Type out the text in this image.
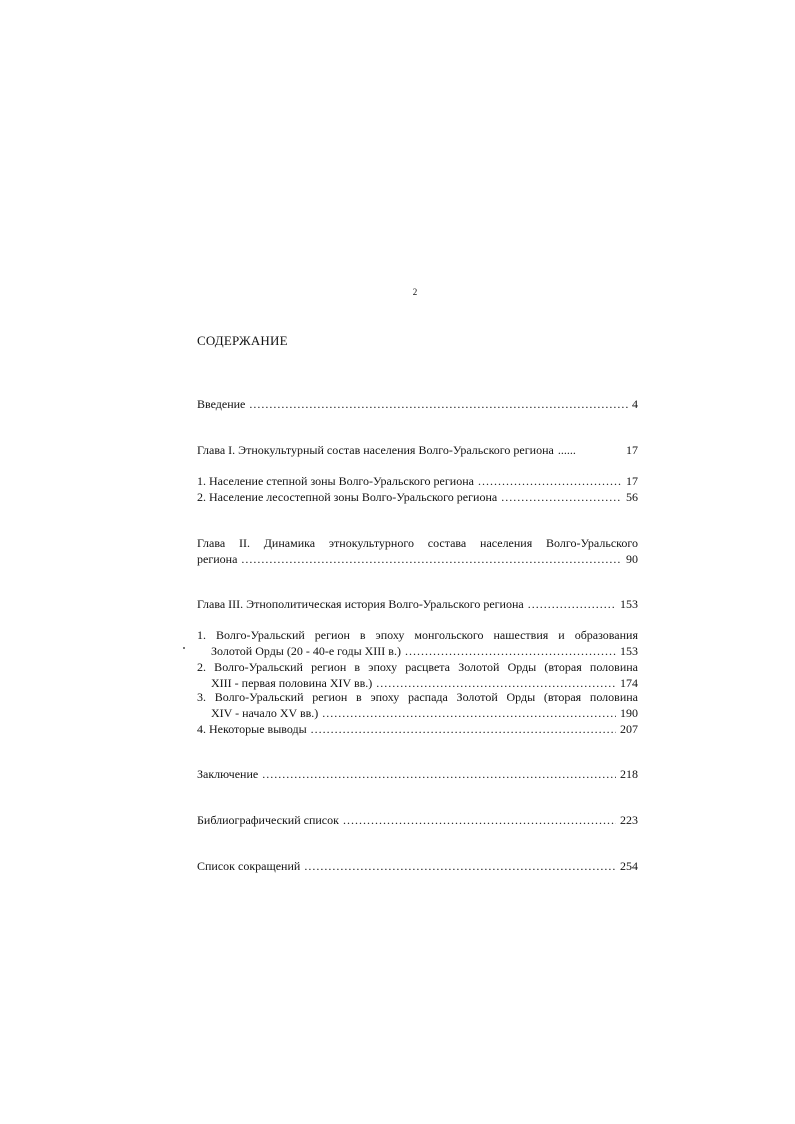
2
СОДЕРЖАНИЕ
Введение .....	4
Глава I. Этнокультурный состав населения Волго-Уральского региона ......	17
1. Население степной зоны Волго-Уральского региона .....	17
2. Население лесостепной зоны Волго-Уральского региона .....	56
Глава II. Динамика этнокультурного состава населения Волго-Уральского
региона .....	90
Глава III. Этнополитическая история Волго-Уральского региона .....	153
1. Волго-Уральский регион в эпоху монгольского нашествия и образования
Золотой Орды (20 - 40-е годы XIII в.) .....	153
2. Волго-Уральский регион в эпоху расцвета Золотой Орды (вторая половина
XIII - первая половина XIV вв.) .....	174
3. Волго-Уральский регион в эпоху распада Золотой Орды (вторая половина
XIV - начало XV вв.) .....	190
4. Некоторые выводы .....	207
Заключение .....	218
Библиографический список .....	223
Список сокращений .....	254
